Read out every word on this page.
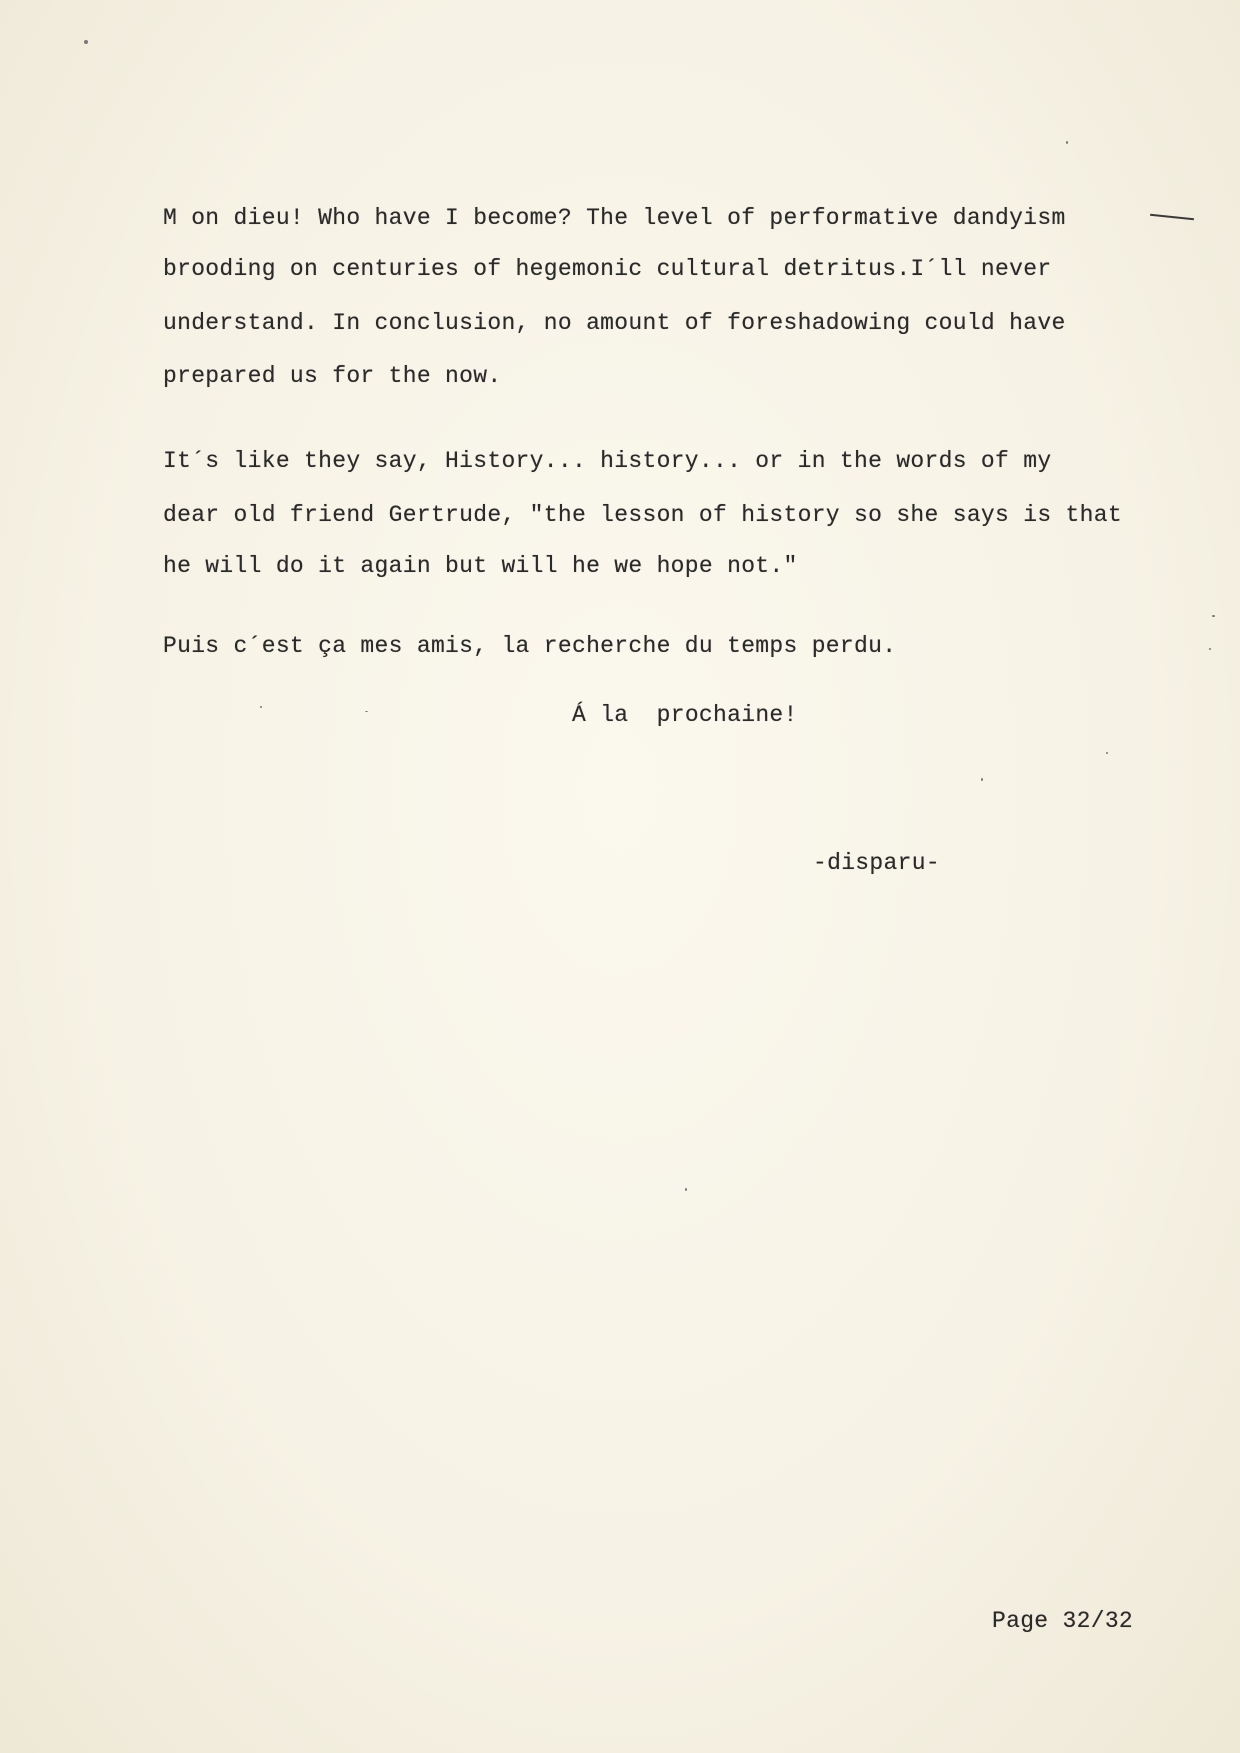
M on dieu! Who have I become? The level of performative dandyism
brooding on centuries of hegemonic cultural detritus.I´ll never
understand. In conclusion, no amount of foreshadowing could have
prepared us for the now.
It´s like they say, History... history... or in the words of my
dear old friend Gertrude, "the lesson of history so she says is that
he will do it again but will he we hope not."
Puis c´est ça mes amis, la recherche du temps perdu.
Á la  prochaine!
-disparu-
Page 32/32
